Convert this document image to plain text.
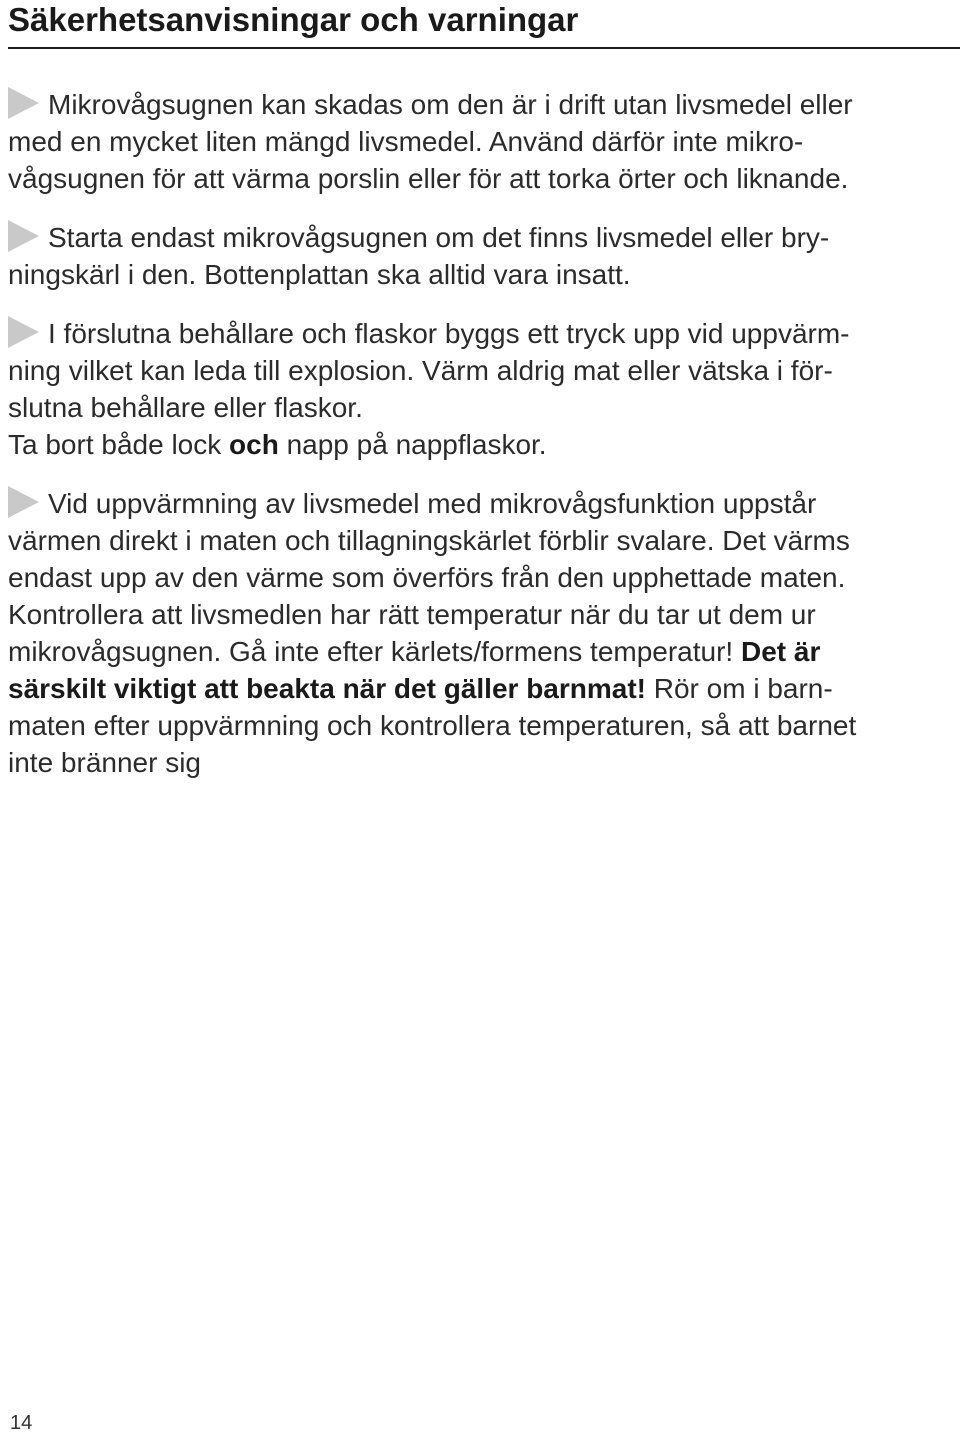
Säkerhetsanvisningar och varningar

Mikrovågsugnen kan skadas om den är i drift utan livsmedel eller
med en mycket liten mängd livsmedel. Använd därför inte mikro-
vågsugnen för att värma porslin eller för att torka örter och liknande.

Starta endast mikrovågsugnen om det finns livsmedel eller bry-
ningskärl i den. Bottenplattan ska alltid vara insatt.

I förslutna behållare och flaskor byggs ett tryck upp vid uppvärm-
ning vilket kan leda till explosion. Värm aldrig mat eller vätska i för-
slutna behållare eller flaskor.
Ta bort både lock och napp på nappflaskor.

Vid uppvärmning av livsmedel med mikrovågsfunktion uppstår
värmen direkt i maten och tillagningskärlet förblir svalare. Det värms
endast upp av den värme som överförs från den upphettade maten.
Kontrollera att livsmedlen har rätt temperatur när du tar ut dem ur
mikrovågsugnen. Gå inte efter kärlets/formens temperatur! Det är
särskilt viktigt att beakta när det gäller barnmat! Rör om i barn-
maten efter uppvärmning och kontrollera temperaturen, så att barnet
inte bränner sig

14
